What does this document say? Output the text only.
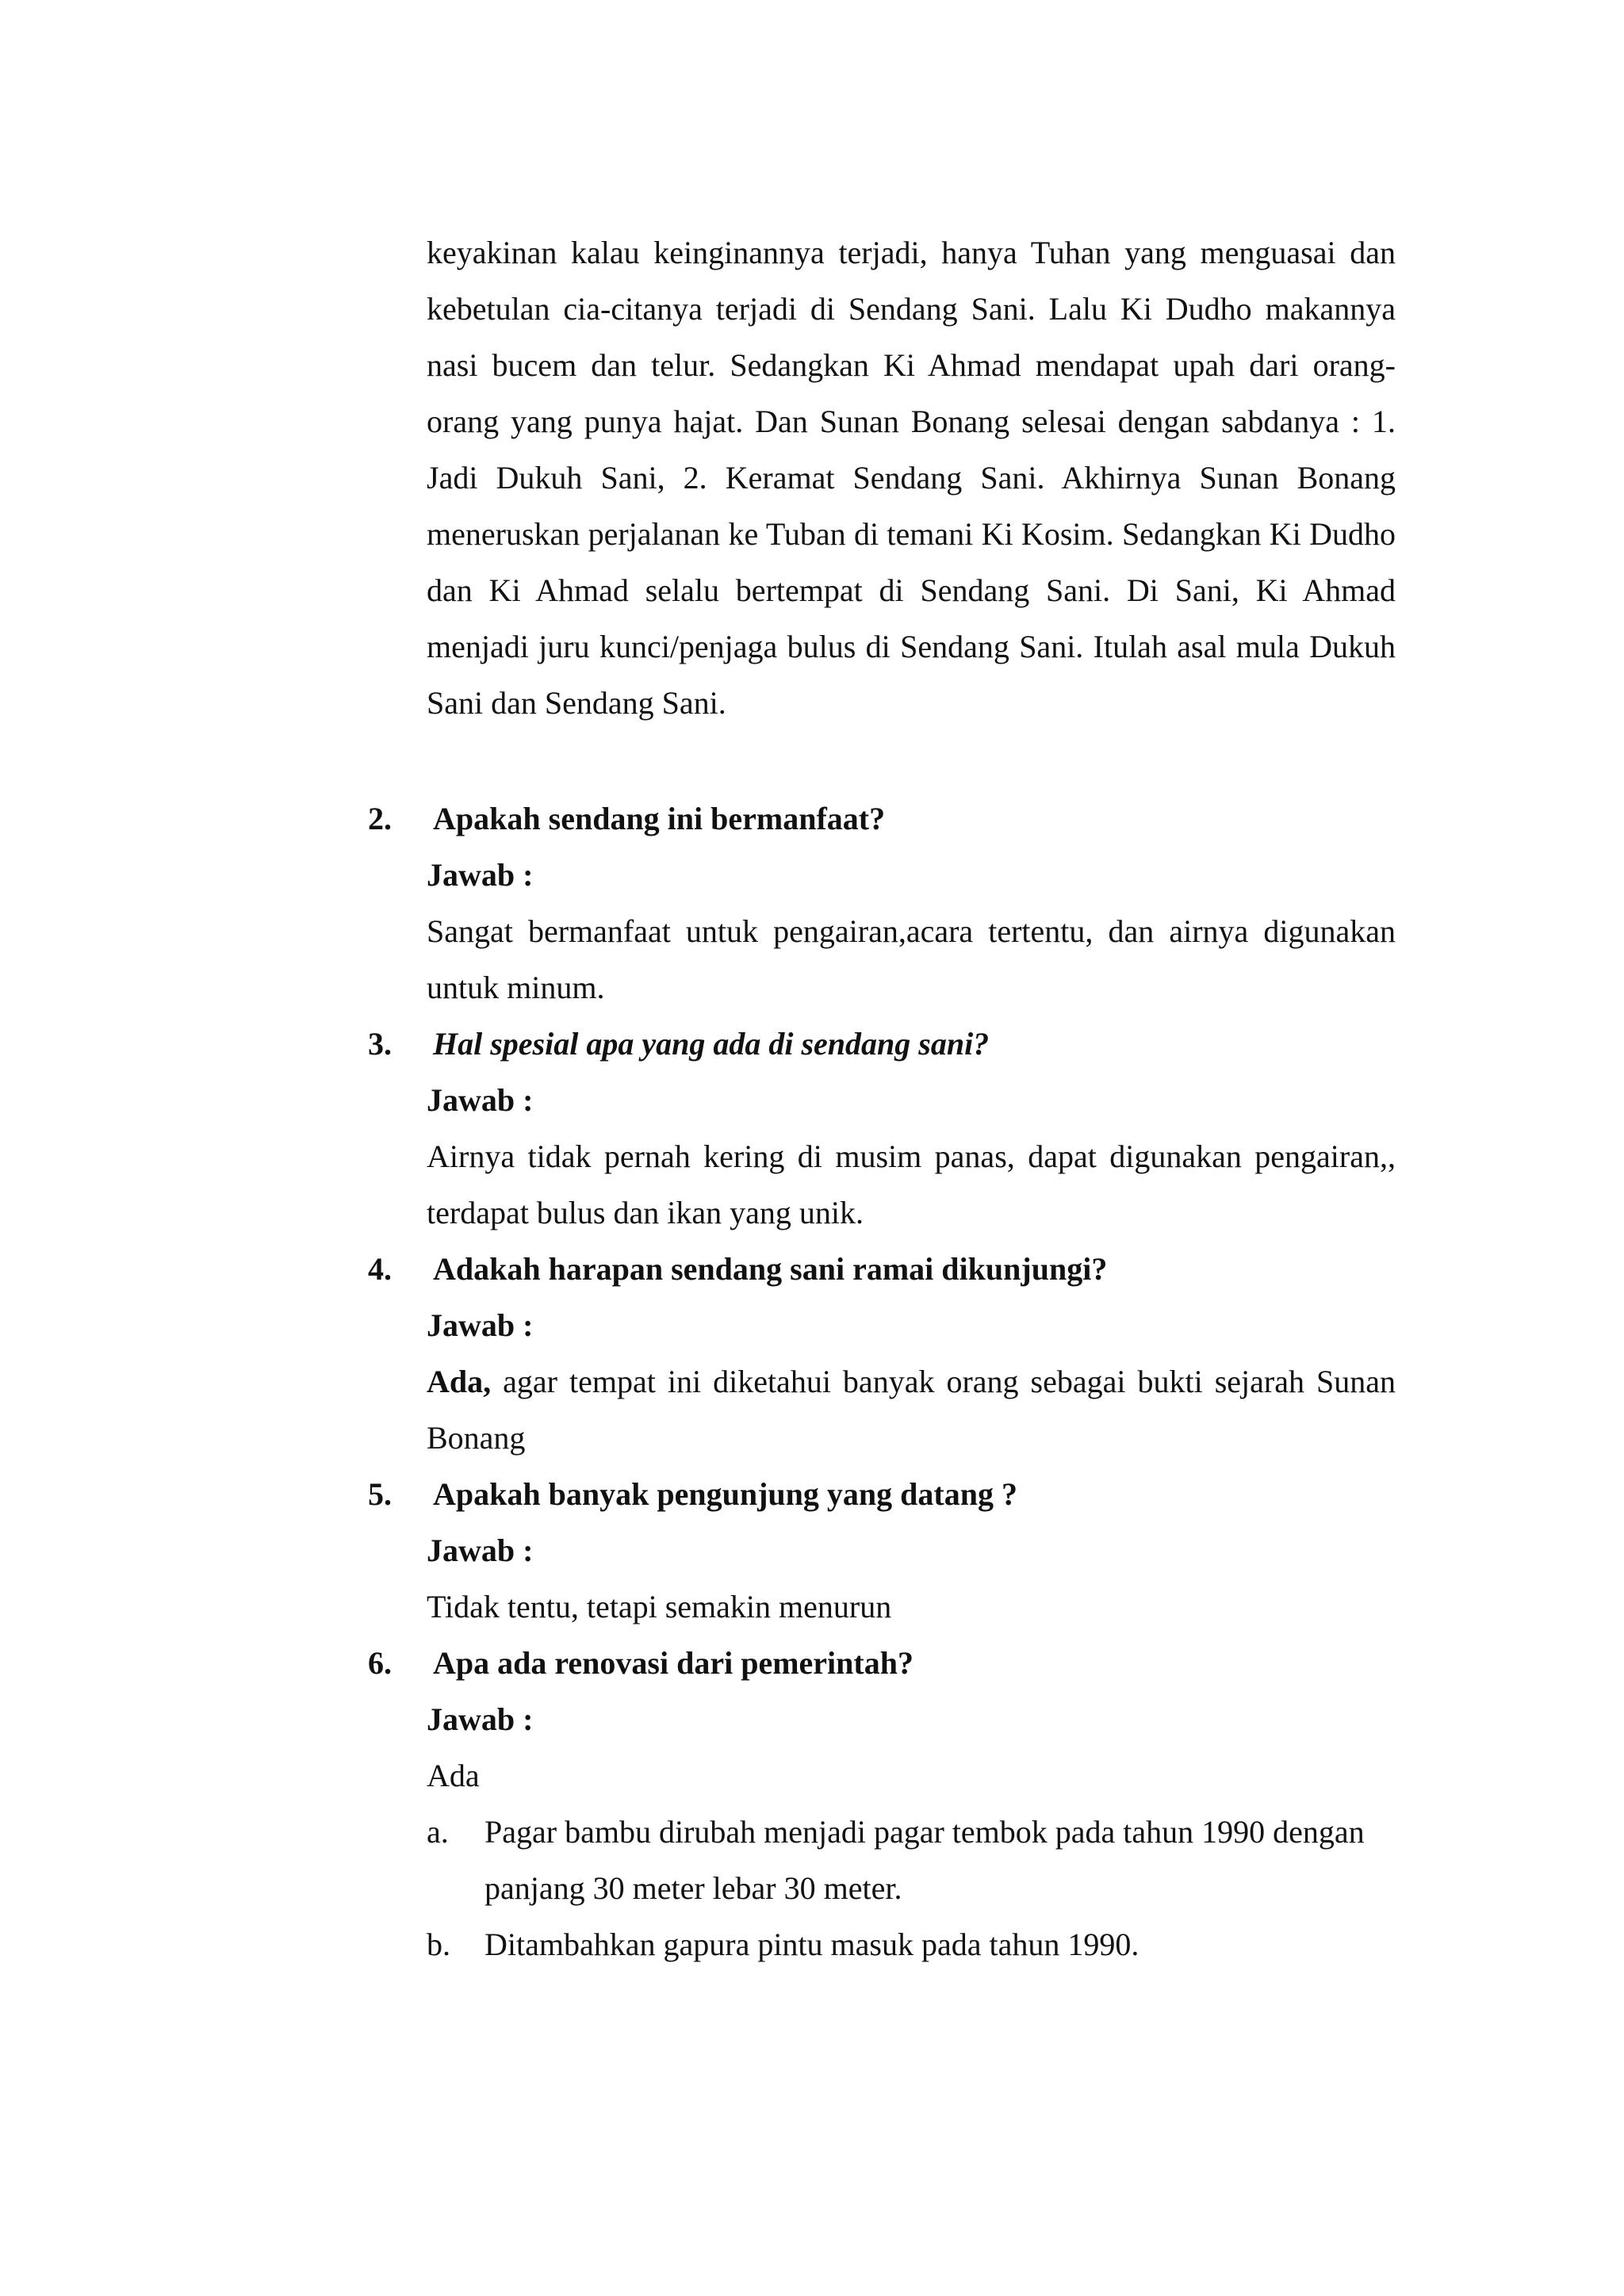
keyakinan kalau keinginannya terjadi, hanya Tuhan yang menguasai dan kebetulan cia-citanya terjadi di Sendang Sani. Lalu Ki Dudho makannya nasi bucem dan telur. Sedangkan Ki Ahmad mendapat upah dari orang-orang yang punya hajat. Dan Sunan Bonang selesai dengan sabdanya : 1. Jadi Dukuh Sani, 2. Keramat Sendang Sani. Akhirnya Sunan Bonang meneruskan perjalanan ke Tuban di temani Ki Kosim. Sedangkan Ki Dudho dan Ki Ahmad selalu bertempat di Sendang Sani. Di Sani, Ki Ahmad menjadi juru kunci/penjaga bulus di Sendang Sani. Itulah asal mula Dukuh Sani dan Sendang Sani.

2. Apakah sendang ini bermanfaat?
Jawab :

Sangat bermanfaat untuk pengairan,acara tertentu, dan airnya digunakan untuk minum.

3. Hal spesial apa yang ada di sendang sani?
Jawab :

Airnya tidak pernah kering di musim panas, dapat digunakan pengairan,, terdapat bulus dan ikan yang unik.

4. Adakah harapan sendang sani ramai dikunjungi?
Jawab :

Ada, agar tempat ini diketahui banyak orang sebagai bukti sejarah Sunan Bonang

5. Apakah banyak pengunjung yang datang ?
Jawab :

Tidak tentu, tetapi semakin menurun

6. Apa ada renovasi dari pemerintah?
Jawab :

Ada

a. Pagar bambu dirubah menjadi pagar tembok pada tahun 1990 dengan panjang 30 meter lebar 30 meter.

b. Ditambahkan gapura pintu masuk pada tahun 1990.
